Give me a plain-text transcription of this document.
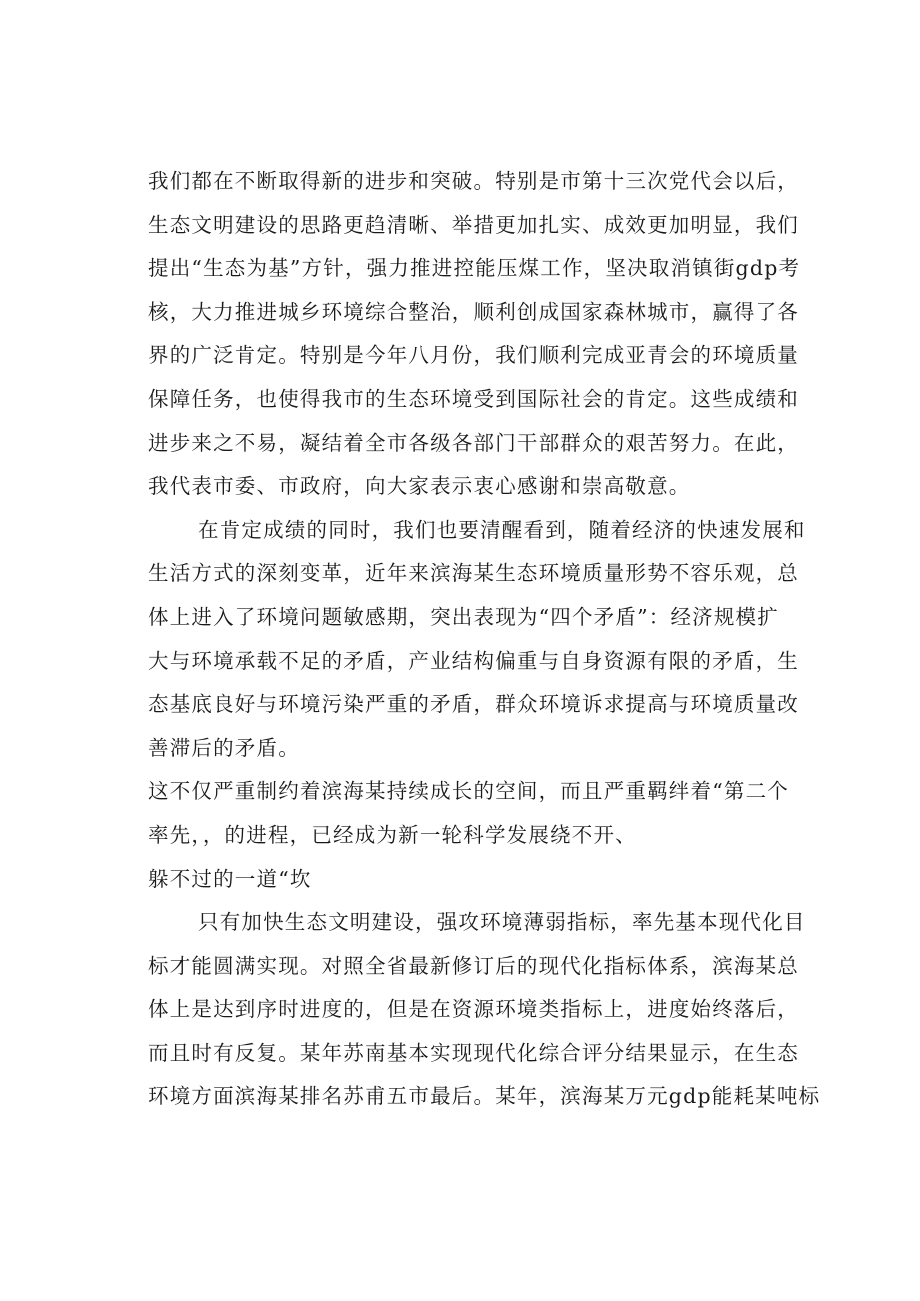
我们都在不断取得新的进步和突破。特别是市第十三次党代会以后，
生态文明建设的思路更趋清晰、举措更加扎实、成效更加明显，我们
提出“生态为基”方针，强力推进控能压煤工作，坚决取消镇街gdp考
核，大力推进城乡环境综合整治，顺利创成国家森林城市，赢得了各
界的广泛肯定。特别是今年八月份，我们顺利完成亚青会的环境质量
保障任务，也使得我市的生态环境受到国际社会的肯定。这些成绩和
进步来之不易，凝结着全市各级各部门干部群众的艰苦努力。在此，
我代表市委、市政府，向大家表示衷心感谢和崇高敬意。
在肯定成绩的同时，我们也要清醒看到，随着经济的快速发展和
生活方式的深刻变革，近年来滨海某生态环境质量形势不容乐观，总
体上进入了环境问题敏感期，突出表现为“四个矛盾”：经济规模扩
大与环境承载不足的矛盾，产业结构偏重与自身资源有限的矛盾，生
态基底良好与环境污染严重的矛盾，群众环境诉求提高与环境质量改
善滞后的矛盾。
这不仅严重制约着滨海某持续成长的空间，而且严重羁绊着“第二个
率先，，的进程，已经成为新一轮科学发展绕不开、
躲不过的一道“坎
只有加快生态文明建设，强攻环境薄弱指标，率先基本现代化目
标才能圆满实现。对照全省最新修订后的现代化指标体系，滨海某总
体上是达到序时进度的，但是在资源环境类指标上，进度始终落后，
而且时有反复。某年苏南基本实现现代化综合评分结果显示，在生态
环境方面滨海某排名苏甫五市最后。某年，滨海某万元gdp能耗某吨标
